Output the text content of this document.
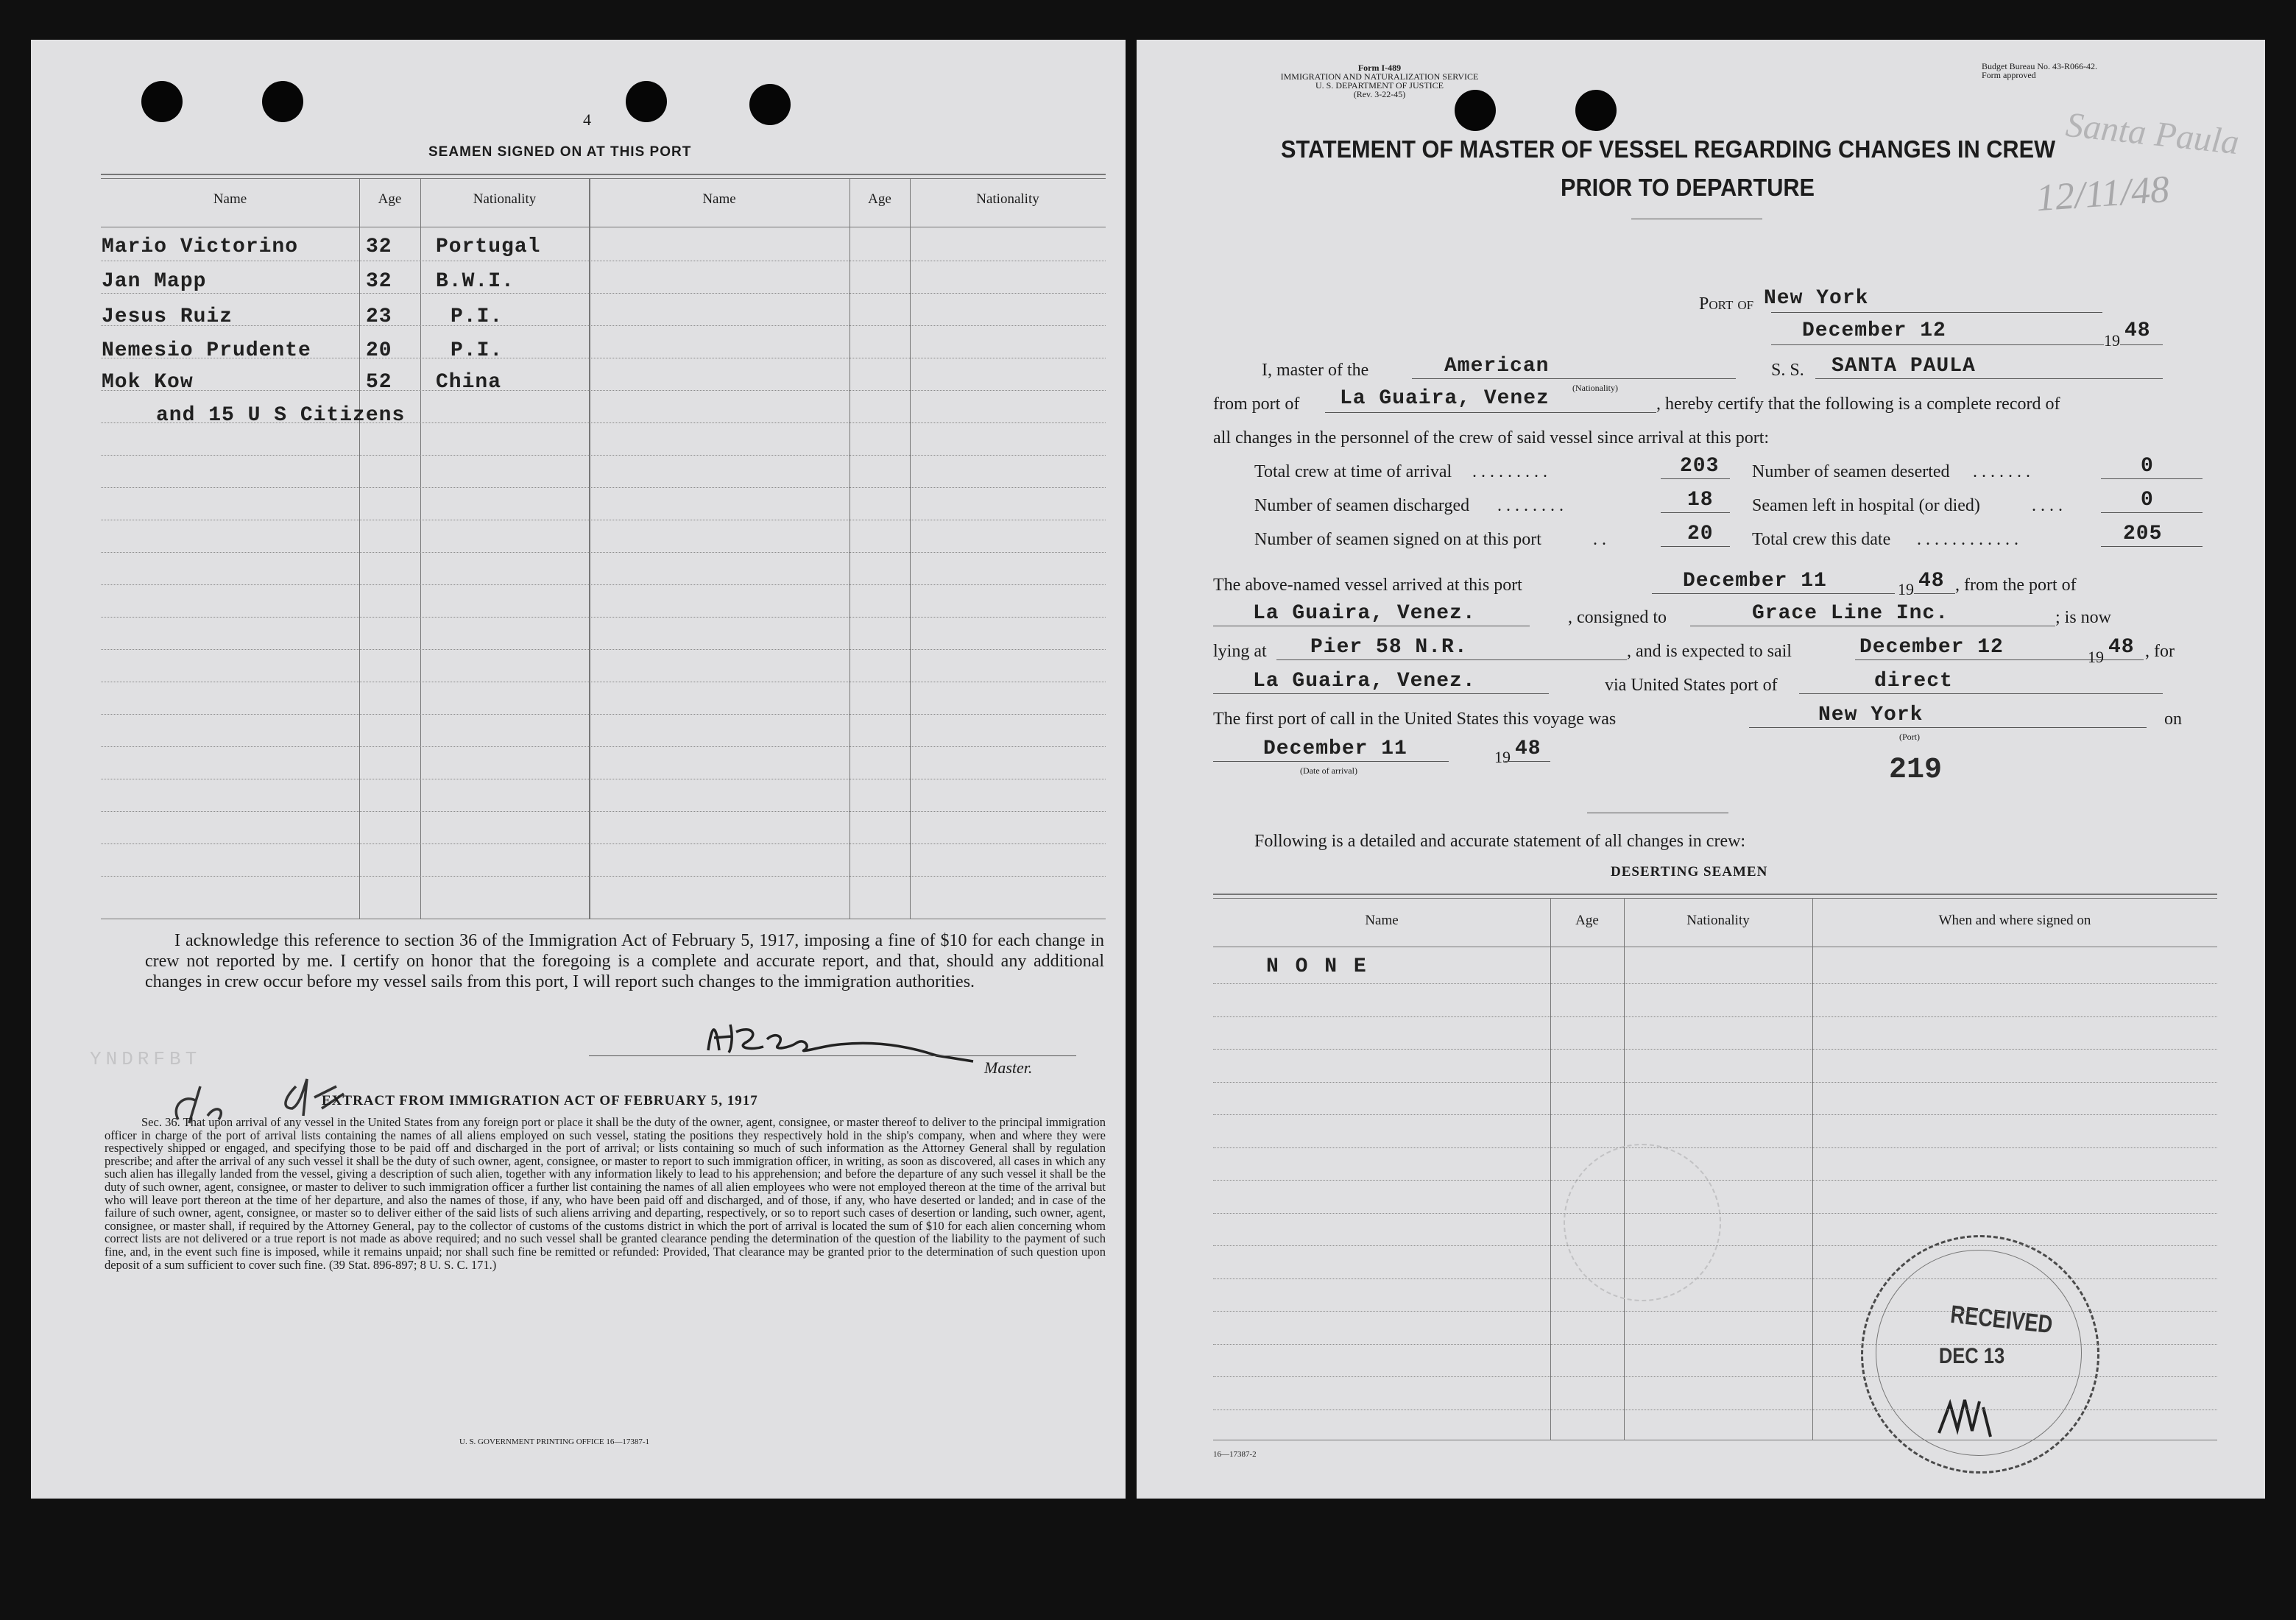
4
SEAMEN SIGNED ON AT THIS PORT
Name	Age	Nationality	Name	Age	Nationality
Mario Victorino	32 Portugal
Jan Mapp	32 B.W.I.
Jesus Ruiz	23	P.I.
Nemesio Prudente	20	P.I.
Mok Kow	52 China
and 15 U S Citizens
I acknowledge this reference to section 36 of the Immigration Act of February 5, 1917, imposing a fine of $10 for each change in crew not reported by me. I certify on honor that the foregoing is a complete and accurate report, and that, should any additional changes in crew occur before my vessel sails from this port, I will report such changes to the immigration authorities.
Master.
YNDRFBT
EXTRACT FROM IMMIGRATION ACT OF FEBRUARY 5, 1917
Sec. 36. That upon arrival of any vessel in the United States from any foreign port or place it shall be the duty of the owner, agent, consignee, or master thereof to deliver to the principal immigration officer in charge of the port of arrival lists containing the names of all aliens employed on such vessel, stating the positions they respectively hold in the ship's company, when and where they were respectively shipped or engaged, and specifying those to be paid off and discharged in the port of arrival; or lists containing so much of such information as the Attorney General shall by regulation prescribe; and after the arrival of any such vessel it shall be the duty of such owner, agent, consignee, or master to report to such immigration officer, in writing, as soon as discovered, all cases in which any such alien has illegally landed from the vessel, giving a description of such alien, together with any information likely to lead to his apprehension; and before the departure of any such vessel it shall be the duty of such owner, agent, consignee, or master to deliver to such immigration officer a further list containing the names of all alien employees who were not employed thereon at the time of the arrival but who will leave port thereon at the time of her departure, and also the names of those, if any, who have been paid off and discharged, and of those, if any, who have deserted or landed; and in case of the failure of such owner, agent, consignee, or master so to deliver either of the said lists of such aliens arriving and departing, respectively, or so to report such cases of desertion or landing, such owner, agent, consignee, or master shall, if required by the Attorney General, pay to the collector of customs of the customs district in which the port of arrival is located the sum of $10 for each alien concerning whom correct lists are not delivered or a true report is not made as above required; and no such vessel shall be granted clearance pending the determination of the question of the liability to the payment of such fine, and, in the event such fine is imposed, while it remains unpaid; nor shall such fine be remitted or refunded: Provided, That clearance may be granted prior to the determination of such question upon deposit of a sum sufficient to cover such fine. (39 Stat. 896-897; 8 U. S. C. 171.)
U. S. GOVERNMENT PRINTING OFFICE 16—17387-1
Form I-489
IMMIGRATION AND NATURALIZATION SERVICE
U. S. DEPARTMENT OF JUSTICE
(Rev. 3-22-45)
Budget Bureau No. 43-R066-42.
Form approved
Santa Paula
12/11/48
STATEMENT OF MASTER OF VESSEL REGARDING CHANGES IN CREW
PRIOR TO DEPARTURE
Port of New York
December 12	19 48
I, master of the	American
(Nationality)
S. S. SANTA PAULA
from port of La Guaira, Venez	, hereby certify that the following is a complete record of
all changes in the personnel of the crew of said vessel since arrival at this port:
Total crew at time of arrival .........	203 Number of seamen deserted .......	0
Number of seamen discharged ........	18 Seamen left in hospital (or died)	....	0
Number of seamen signed on at this port	..	20 Total crew this date ............	205
The above-named vessel arrived at this port	December 11	19 48 , from the port of
La Guaira, Venez.	, consigned to	Grace Line Inc.	; is now
lying at Pier 58 N.R.	, and is expected to sail	December 12	19 48 , for
La Guaira, Venez.	via United States port of	direct
The first port of call in the United States this voyage was	New York	on
(Port)
December 11	19 48
(Date of arrival)	219
Following is a detailed and accurate statement of all changes in crew:
DESERTING SEAMEN
Name	Age	Nationality	When and where signed on
N O N E
RECEIVED
DEC 13
16—17387-2
